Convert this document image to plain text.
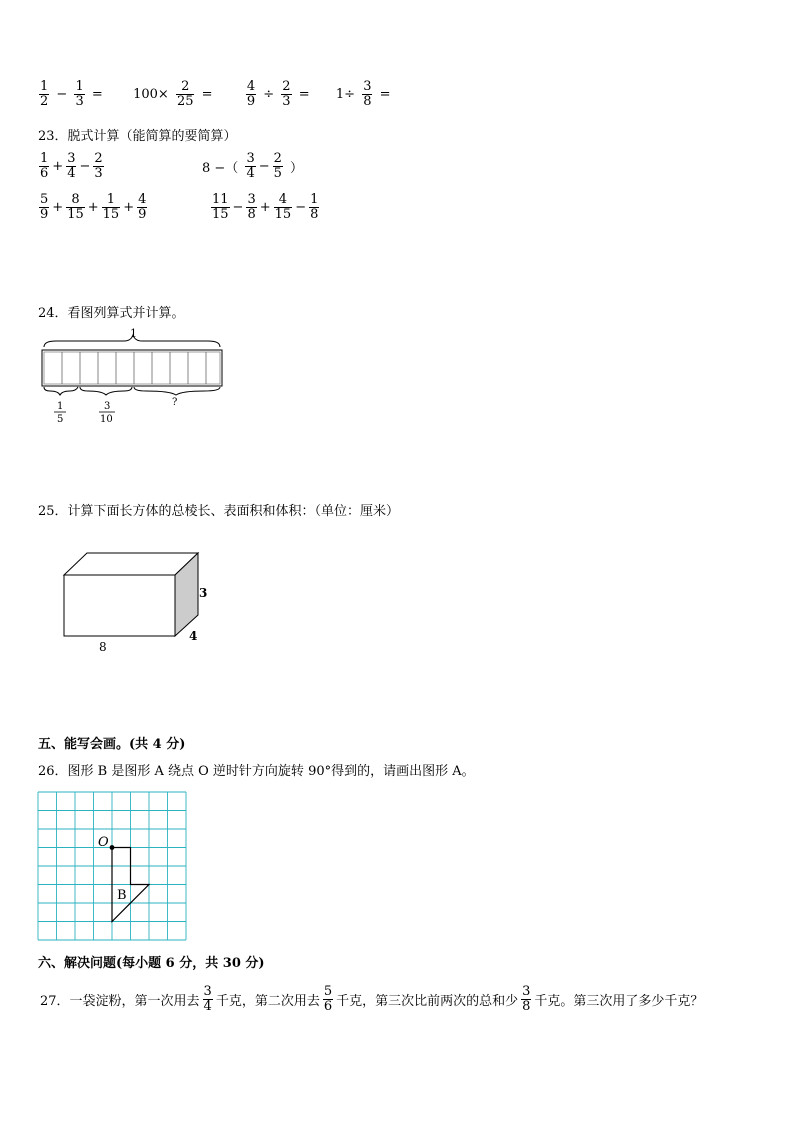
$\frac{1}{2} - \frac{1}{3} = 100\times \frac{2}{25}$ =	$\frac{4}{9} \div \frac{2}{3} = 1\div \frac{3}{8}$ =
23．脱式计算（能简算的要简算）
$\frac{1}{6} + \frac{3}{4} - \frac{2}{3}$	8 −（ $\frac{3}{4} - \frac{2}{5}$ ）
$\frac{5}{9} + \frac{8}{15} + \frac{1}{15} + \frac{4}{9}$	$\frac{11}{15} - \frac{3}{8} + \frac{4}{15} - \frac{1}{8}$
24．看图列算式并计算。
1
1
5
3
10
?
25．计算下面长方体的总棱长、表面积和体积：（单位：厘米）
3
4
8
五、能写会画。(共 4 分)
26．图形 B 是图形 A 绕点 O 逆时针方向旋转 90°得到的，请画出图形 A。
O
B
六、解决问题(每小题 6 分，共 30 分)
27．一袋淀粉，第一次用去 $\frac{3}{4}$ 千克，第二次用去 $\frac{5}{6}$ 千克，第三次比前两次的总和少 $\frac{3}{8}$ 千克。第三次用了多少千克？
